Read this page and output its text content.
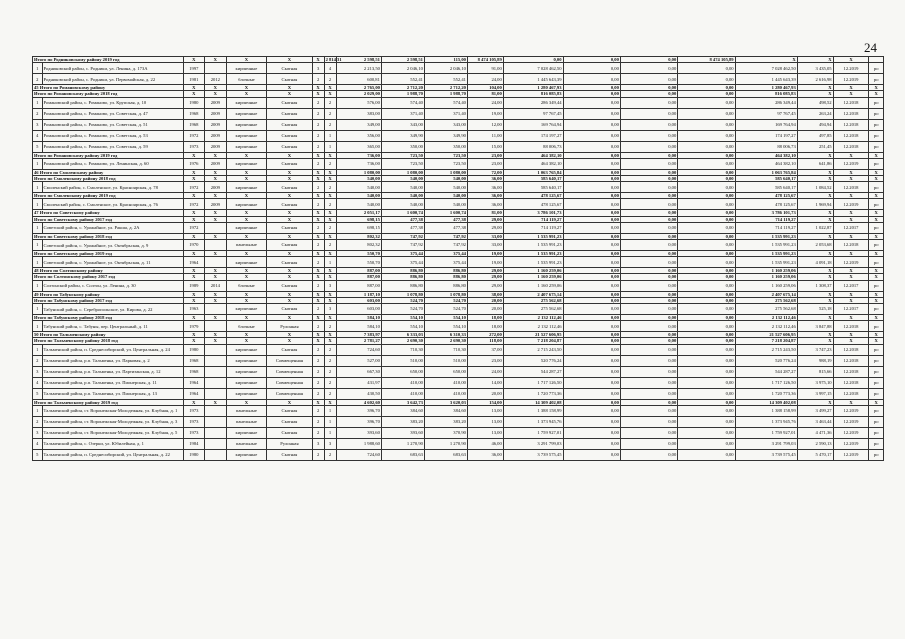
24
Итого по Родниковскому району 2019 год		X	X	X	X	X	2 814,31	2 598,51	2 598,51	115,00	8 474 105,89	0,00	0,00	0,00	8 474 105,89	X	X	X	
1	Родниковский район, с. Родники, ул. Ленина, д. 173А	1997		кирпичные	Скатная	3	4	2 213,50	2 046,10	2 046,10	91,00	7 028 462,50	0,00	0,00	0,00	7 028 462,50	3 435,05	12.2019	ро
2	Родниковский район, с. Родники, ул. Первомайская, д. 22	1981	2012	блочные	Скатная	2	2	600,81	552,41	552,41	24,00	1 445 643,39	0,00	0,00	0,00	1 445 643,39	2 616,98	12.2019	ро
45 Итого по Романовскому району		X	X	X	X	X	X	2 765,00	2 712,20	2 712,20	104,00	1 280 467,93	0,00	0,00	0,00	1 280 467,93	X	X	X
Итого по Романовскому району 2018 год		X	X	X	X	X	X	2 029,00	1 988,70	1 988,70	81,00	816 085,83	0,00	0,00	0,00	816 085,83	X	X	X
1	Романовский район, с. Романово, ул. Крупская, д. 10	1980	2009	кирпичные	Скатная	2	2	576,00	574,40	574,40	24,00	286 349,44	0,00	0,00	0,00	286 349,44	498,52	12.2018	ро
2	Романовский район, с. Романово, ул. Советская, д. 47	1968	2009	кирпичные	Скатная	2	2	383,00	371,40	371,40	19,00	97 767,45	0,00	0,00	0,00	97 767,45	263,24	12.2018	ро
3	Романовский район, с. Романово, ул. Советская, д. 51	1968	2009	кирпичные	Скатная	2	2	349,00	343,00	343,00	12,00	169 764,94	0,00	0,00	0,00	169 764,94	494,94	12.2018	ро
4	Романовский район, с. Романово, ул. Советская, д. 53	1972	2009	кирпичные	Скатная	2	1	356,00	349,90	349,90	11,00	174 197,27	0,00	0,00	0,00	174 197,27	497,85	12.2018	ро
5	Романовский район, с. Романово, ул. Советская, д. 59	1973	2009	кирпичные	Скатная	2	1	365,00	350,00	350,00	15,00	88 006,73	0,00	0,00	0,00	88 006,73	251,45	12.2018	ро
Итого по Романовскому району 2019 год		X	X	X	X	X	X	736,00	723,50	723,50	23,00	464 382,10	0,00	0,00	0,00	464 382,10	X	X	X
1	Романовский район, с. Романово, ул. Ленинская, д. 60	1976	2009	кирпичные	Скатная	2	2	736,00	723,50	723,50	23,00	464 382,10	0,00	0,00	0,00	464 382,10	641,86	12.2019	ро
46 Итого по Смоленскому району		X	X	X	X	X	X	1 080,00	1 080,00	1 080,00	72,00	1 063 765,84	0,00	0,00	0,00	1 063 765,84	X	X	X
Итого по Смоленскому району 2018 год		X	X	X	X	X	X	540,00	540,00	540,00	36,00	585 640,17	0,00	0,00	0,00	585 640,17	X	X	X
1	Смоленский район, с. Смоленское, ул. Красноярская, д. 78	1972	2009	кирпичные	Скатная	2	2	540,00	540,00	540,00	36,00	585 640,17	0,00	0,00	0,00	585 640,17	1 084,52	12.2018	ро
Итого по Смоленскому району 2019 год		X	X	X	X	X	X	540,00	540,00	540,00	36,00	478 125,67	0,00	0,00	0,00	478 125,67	X	X	X
1	Смоленский район, с. Смоленское, ул. Красноярская, д. 76	1972	2009	кирпичные	Скатная	2	2	540,00	540,00	540,00	36,00	478 125,67	0,00	0,00	0,00	478 125,67	1 969,94	12.2019	ро
47 Итого по Советскому району		X	X	X	X	X	X	2 051,17	1 600,74	1 600,74	81,00	3 786 101,73	0,00	0,00	0,00	3 786 101,73	X	X	X
Итого по Советскому району 2017 год		X	X	X	X	X	X	698,15	477,38	477,38	29,00	714 119,27	0,00	0,00	0,00	714 119,27	X	X	X
1	Советский район, с. Урожайное, ул. Ракша, д. 2А	1972		кирпичные	Скатная	2	2	698,15	477,38	477,38	29,00	714 119,27	0,00	0,00	0,00	714 119,27	1 022,87	12.2017	ро
Итого по Советскому району 2018 год		X	X	X	X	X	X	802,32	747,92	747,92	33,00	1 535 991,23	0,00	0,00	0,00	1 535 991,23	X	X	X
1	Советский район, с. Урожайное, ул. Октябрьская, д. 9	1970		панельные	Скатная	2	2	802,32	747,92	747,92	33,00	1 535 991,23	0,00	0,00	0,00	1 535 991,23	2 053,68	12.2018	ро
Итого по Советскому району 2019 год		X	X	X	X	X	X	550,70	375,44	375,44	19,00	1 535 991,23	0,00	0,00	0,00	1 535 991,23	X	X	X
1	Советский район, с. Урожайное, ул. Октябрьская, д. 11	1964		кирпичные	Скатная	2	1	550,70	375,44	375,44	19,00	1 535 991,23	0,00	0,00	0,00	1 535 991,23	4 091,18	12.2019	ро
48 Итого по Солтонскому району		X	X	X	X	X	X	887,00	886,80	886,80	29,00	1 160 259,06	0,00	0,00	0,00	1 160 259,06	X	X	X
Итого по Солтонскому району 2017 год		X	X	X	X	X	X	887,00	886,80	886,80	29,00	1 160 259,06	0,00	0,00	0,00	1 160 259,06	X	X	X
1	Солтонский район, с. Солтон, ул. Ленина, д. 30	1989	2014	блочные	Скатная	2	3	887,00	886,80	886,80	29,00	1 160 259,06	0,00	0,00	0,00	1 160 259,06	1 308,37	12.2017	ро
49 Итого по Табунскому району		X	X	X	X	X	X	1 187,10	1 078,80	1 078,80	38,00	2 407 675,14	0,00	0,00	0,00	2 407 675,14	X	X	X
Итого по Табунскому району 2017 год		X	X	X	X	X	X	603,00	524,70	524,70	20,00	275 562,68	0,00	0,00	0,00	275 562,68	X	X	X
1	Табунский район, с. Серебропольское, ул. Кирова, д. 22	1963		кирпичные	Скатная	2	3	603,00	524,70	524,70	20,00	275 562,68	0,00	0,00	0,00	275 562,68	525,18	12.2017	ро
Итого по Табунскому району 2018 год		X	X	X	X	X	X	584,10	554,10	554,10	18,00	2 132 112,46	0,00	0,00	0,00	2 132 112,46	X	X	X
1	Табунский район, с. Табуны, пер. Центральный, д. 11	1979		блочные	Рулонная	2	2	584,10	554,10	554,10	18,00	2 132 112,46	0,00	0,00	0,00	2 132 112,46	3 847,88	12.2018	ро
50 Итого по Тальменскому району		X	X	X	X	X	X	7 383,97	6 333,03	6 310,33	272,00	21 527 606,95	0,00	0,00	0,00	21 527 606,95	X	X	X
Итого по Тальменскому району 2018 год		X	X	X	X	X	X	2 781,27	2 690,30	2 690,30	118,00	7 218 204,87	0,00	0,00	0,00	7 218 204,87	X	X	X
1	Тальменский район, п. Среднесибирский, ул. Центральная, д. 24	1980		кирпичные	Скатная	2	2	724,60	710,30	710,30	37,00	2 715 243,50	0,00	0,00	0,00	2 715 243,50	3 747,23	12.2018	ро
2	Тальменский район, р.п. Тальменка, ул. Парковая, д. 2	1968		кирпичные	Совмещенная	2	2	527,00	510,00	510,00	23,00	520 776,24	0,00	0,00	0,00	520 776,24	988,19	12.2018	ро
3	Тальменский район, р.п. Тальменка, ул. Партизанская, д. 12	1968		кирпичные	Совмещенная	2	2	667,30	650,00	650,00	24,00	544 287,27	0,00	0,00	0,00	544 287,27	815,66	12.2018	ро
4	Тальменский район, р.п. Тальменка, ул. Пионерская, д. 11	1964		кирпичные	Совмещенная	2	2	431,97	410,00	410,00	14,00	1 717 126,50	0,00	0,00	0,00	1 717 126,50	3 975,10	12.2018	ро
5	Тальменский район, р.п. Тальменка, ул. Пионерская, д. 13	1964		кирпичные	Совмещенная	2	2	430,50	410,00	410,00	20,00	1 720 773,36	0,00	0,00	0,00	1 720 773,36	3 997,15	12.2018	ро
Итого по Тальменскому району 2019 год		X	X	X	X	X	X	4 602,60	3 642,73	3 620,03	154,00	14 309 402,08	0,00	0,00	0,00	14 309 402,08	X	X	X
1	Тальменский район, ст. Воронежская-Молодежная, ул. Клубная, д. 1	1973		панельные	Скатная	2	1	396,70	384,60	384,60	13,00	1 388 158,99	0,00	0,00	0,00	1 388 158,99	3 499,27	12.2019	ро
2	Тальменский район, ст. Воронежская-Молодежная, ул. Клубная, д. 3	1973		панельные	Скатная	2	1	396,70	383,20	383,20	13,00	1 373 945,76	0,00	0,00	0,00	1 373 945,76	3 463,44	12.2019	ро
3	Тальменский район, ст. Воронежская-Молодежная, ул. Клубная, д. 5	1973		кирпичные	Скатная	2	1	393,60	393,60	370,90	13,00	1 759 927,01	0,00	0,00	0,00	1 759 927,01	4 471,36	12.2019	ро
4	Тальменский район, с. Озерки, ул. Юбилейная, д. 1	1984		панельные	Рулонная	3	3	1 988,60	1 270,90	1 270,90	46,00	3 291 799,03	0,00	0,00	0,00	3 291 799,03	2 590,13	12.2019	ро
5	Тальменский район, п. Среднесибирский, ул. Центральная, д. 22	1980		кирпичные	Скатная	2	2	724,60	683,63	683,63	36,00	3 739 575,45	0,00	0,00	0,00	3 739 575,45	5 470,17	12.2019	ро
